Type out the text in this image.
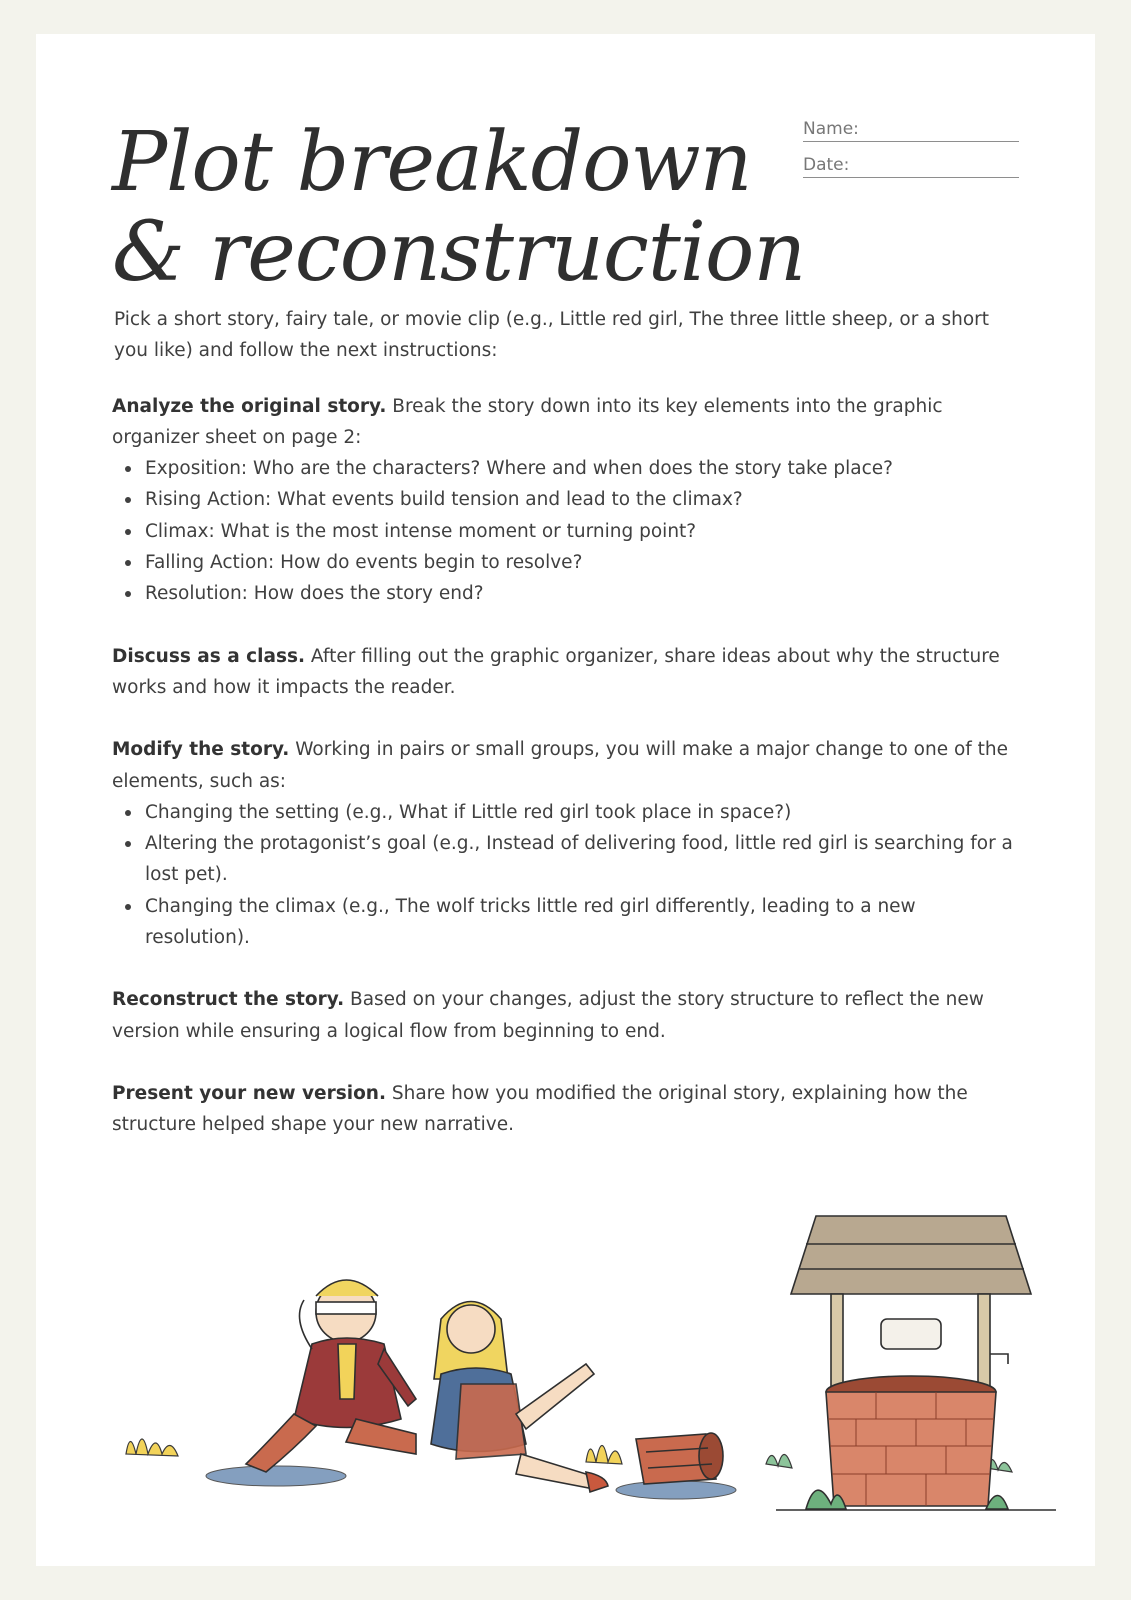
Plot breakdown
& reconstruction
Name:
Date:

Pick a short story, fairy tale, or movie clip (e.g., Little red girl, The three little sheep, or a short you like) and follow the next instructions:

Analyze the original story. Break the story down into its key elements into the graphic organizer sheet on page 2:

Exposition: Who are the characters? Where and when does the story take place?
Rising Action: What events build tension and lead to the climax?
Climax: What is the most intense moment or turning point?
Falling Action: How do events begin to resolve?
Resolution: How does the story end?

Discuss as a class. After filling out the graphic organizer, share ideas about why the structure works and how it impacts the reader.

Modify the story. Working in pairs or small groups, you will make a major change to one of the elements, such as:

Changing the setting (e.g., What if Little red girl took place in space?)
Altering the protagonist’s goal (e.g., Instead of delivering food, little red girl is searching for a lost pet).
Changing the climax (e.g., The wolf tricks little red girl differently, leading to a new resolution).

Reconstruct the story. Based on your changes, adjust the story structure to reflect the new version while ensuring a logical flow from beginning to end.

Present your new version. Share how you modified the original story, explaining how the structure helped shape your new narrative.
